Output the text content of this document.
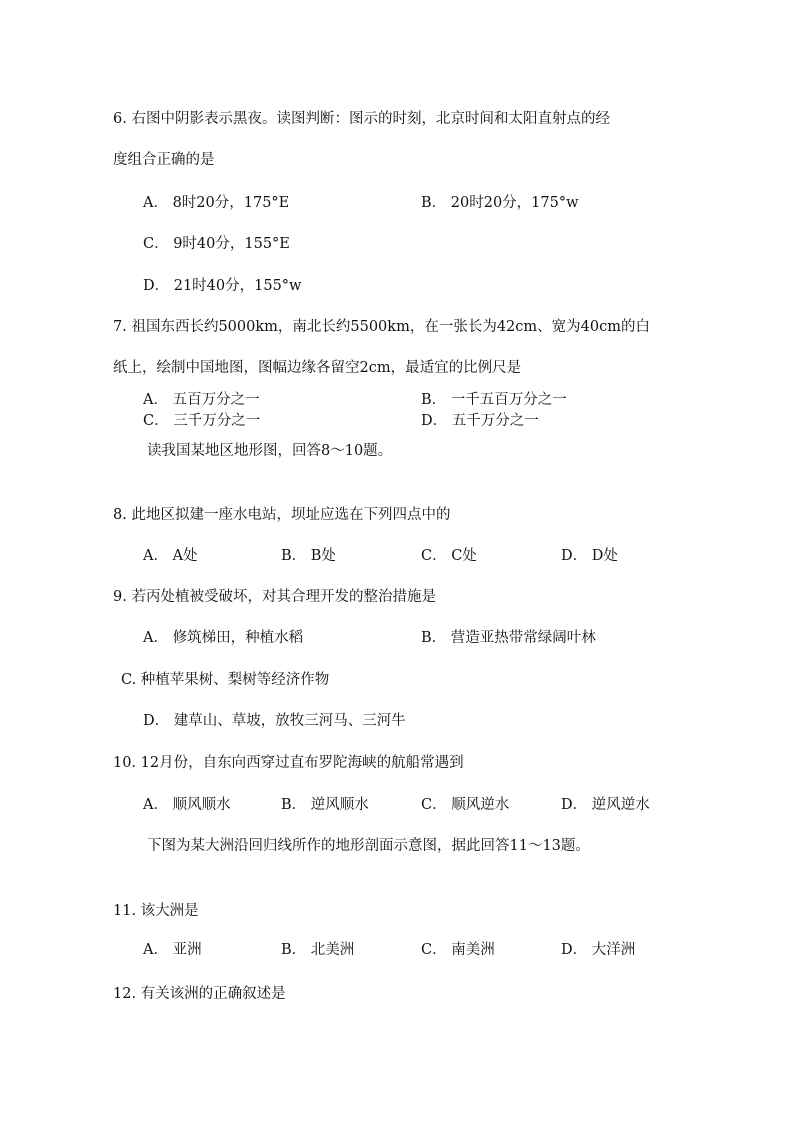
6. 右图中阴影表示黑夜。读图判断：图示的时刻，北京时间和太阳直射点的经
度组合正确的是
A． 8时20分，175°E	B． 20时20分，175°w
C． 9时40分，155°E
D． 21时40分，155°w
7. 祖国东西长约5000km，南北长约5500km，在一张长为42cm、宽为40cm的白
纸上，绘制中国地图，图幅边缘各留空2cm，最适宜的比例尺是
A． 五百万分之一	B． 一千五百万分之一
C． 三千万分之一	D． 五千万分之一
读我国某地区地形图，回答8～10题。
8. 此地区拟建一座水电站，坝址应选在下列四点中的
A． A处	B． B处	C． C处	D． D处
9. 若丙处植被受破坏，对其合理开发的整治措施是
A． 修筑梯田，种植水稻	B． 营造亚热带常绿阔叶林
C. 种植苹果树、梨树等经济作物
D． 建草山、草坡，放牧三河马、三河牛
10. 12月份，自东向西穿过直布罗陀海峡的航船常遇到
A． 顺风顺水	B． 逆风顺水	C． 顺风逆水	D． 逆风逆水
下图为某大洲沿回归线所作的地形剖面示意图，据此回答11～13题。
11. 该大洲是
A． 亚洲	B． 北美洲	C． 南美洲	D． 大洋洲
12. 有关该洲的正确叙述是
